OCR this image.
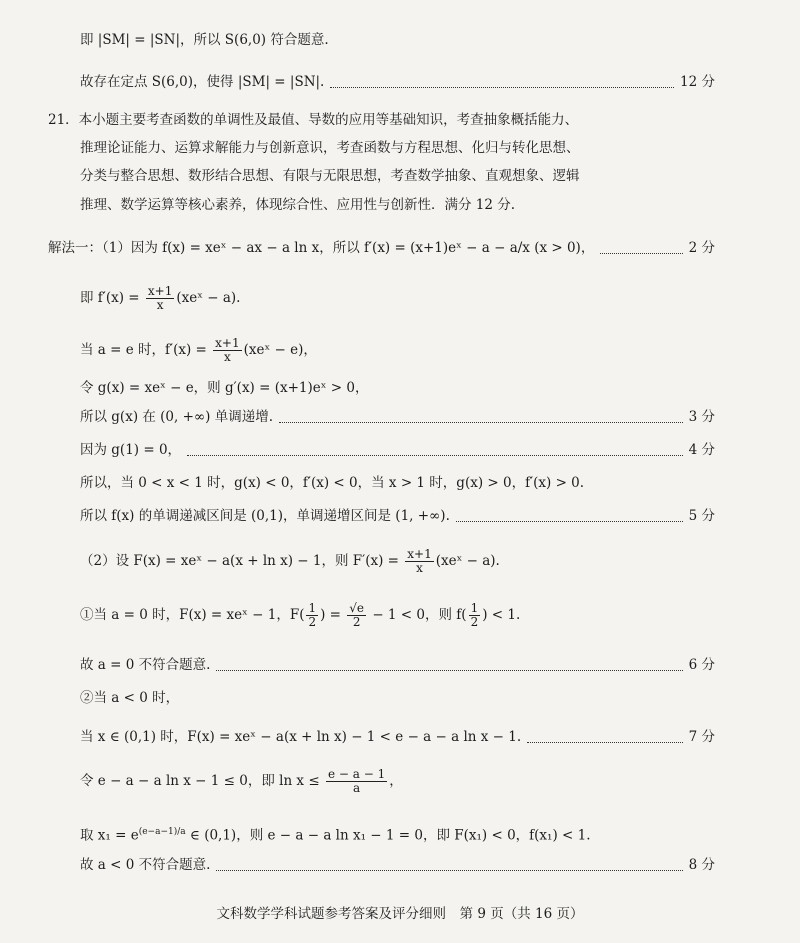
即 |SM| = |SN|，所以 S(6,0) 符合题意.
故存在定点 S(6,0)，使得 |SM| = |SN|.	12 分
21．本小题主要考查函数的单调性及最值、导数的应用等基础知识，考查抽象概括能力、
推理论证能力、运算求解能力与创新意识，考查函数与方程思想、化归与转化思想、
分类与整合思想、数形结合思想、有限与无限思想，考查数学抽象、直观想象、逻辑
推理、数学运算等核心素养，体现综合性、应用性与创新性．满分 12 分.
解法一：（1）因为 f(x) = xeˣ − ax − a ln x，所以 f′(x) = (x+1)eˣ − a − a/x (x > 0)，	2 分
即 $f'(x) = \frac{x+1}{x}$ (xeˣ − a).
当 a = e 时，$f'(x) = \frac{x+1}{x}$ (xeˣ − e)，
令 g(x) = xeˣ − e，则 g′(x) = (x+1)eˣ > 0，
所以 g(x) 在 (0, +∞) 单调递增.	3 分
因为 g(1) = 0，	4 分
所以，当 0 < x < 1 时，g(x) < 0，f′(x) < 0，当 x > 1 时，g(x) > 0，f′(x) > 0.
所以 f(x) 的单调递减区间是 (0,1)，单调递增区间是 (1, +∞).	5 分
（2）设 F(x) = xeˣ − a(x + ln x) − 1，则 $F'(x) = \frac{x+1}{x}$ (xeˣ − a).
①当 a = 0 时，F(x) = xeˣ − 1，$F( \frac{1}{2}$ ) = $\frac{√e}{2} - 1 < 0$，则 $f( \frac{1}{2}$ ) < 1.
故 a = 0 不符合题意.	6 分
②当 a < 0 时，
当 x ∈ (0,1) 时，F(x) = xeˣ − a(x + ln x) − 1 < e − a − a ln x − 1.	7 分
令 e − a − a ln x − 1 ≤ 0，即 $\ln x \le \frac{e - a - 1}{a}$ ，
取 $x_1 = e^{(e-a-1)/a}$ ∈ (0,1)，则 e − a − a ln x₁ − 1 = 0，即 F(x₁) < 0，f(x₁) < 1.
故 a < 0 不符合题意.	8 分
文科数学学科试题参考答案及评分细则　第 9 页（共 16 页）
